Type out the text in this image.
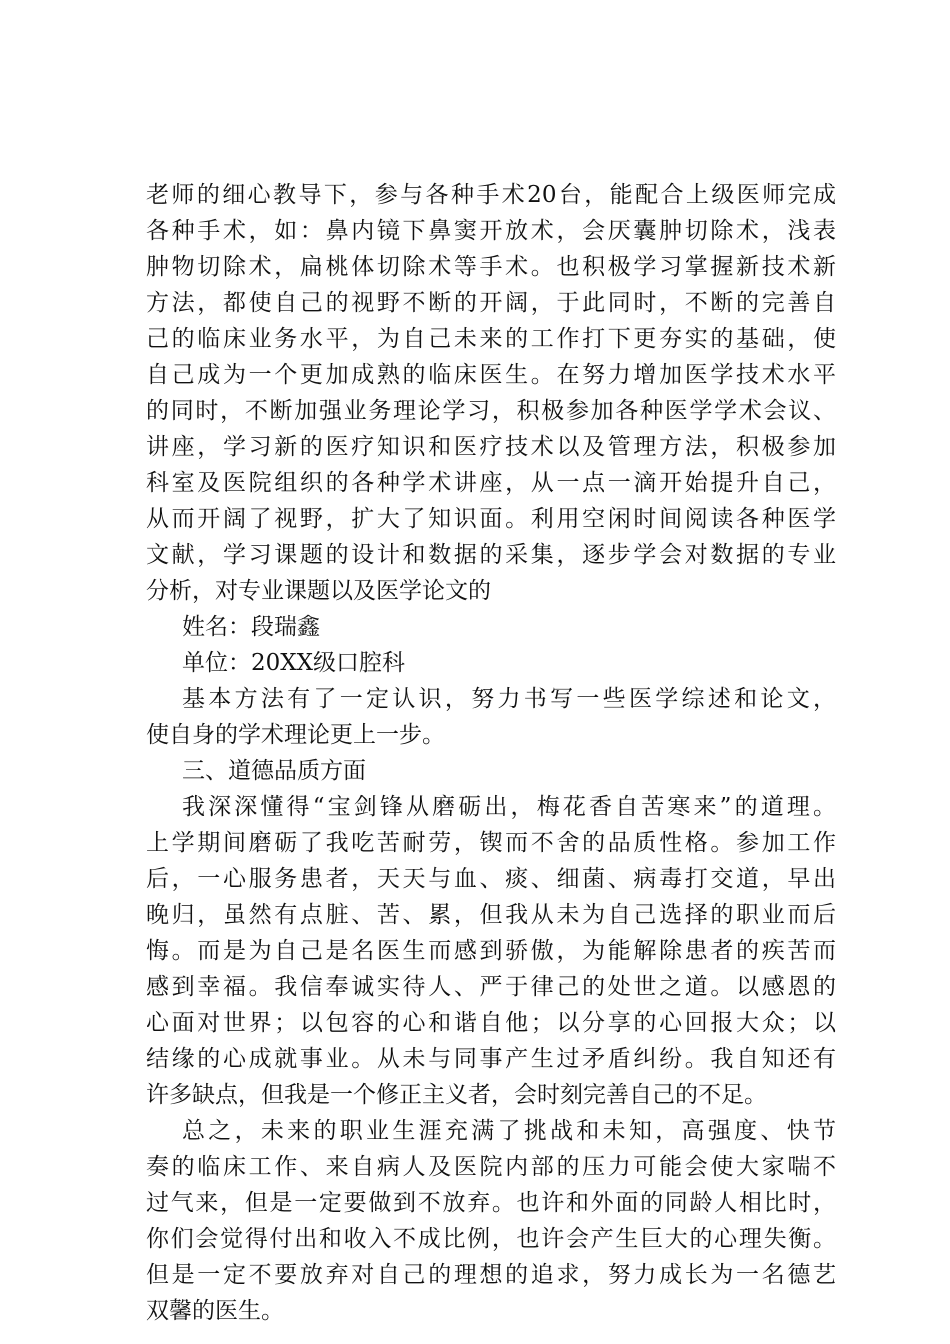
老师的细心教导下，参与各种手术20台，能配合上级医师完成
各种手术，如：鼻内镜下鼻窦开放术，会厌囊肿切除术，浅表
肿物切除术，扁桃体切除术等手术。也积极学习掌握新技术新
方法，都使自己的视野不断的开阔，于此同时，不断的完善自
己的临床业务水平，为自己未来的工作打下更夯实的基础，使
自己成为一个更加成熟的临床医生。在努力增加医学技术水平
的同时，不断加强业务理论学习，积极参加各种医学学术会议、
讲座，学习新的医疗知识和医疗技术以及管理方法，积极参加
科室及医院组织的各种学术讲座，从一点一滴开始提升自己，
从而开阔了视野，扩大了知识面。利用空闲时间阅读各种医学
文献，学习课题的设计和数据的采集，逐步学会对数据的专业
分析，对专业课题以及医学论文的
姓名：段瑞鑫
单位：20XX级口腔科
基本方法有了一定认识，努力书写一些医学综述和论文，
使自身的学术理论更上一步。
三、道德品质方面
我深深懂得“宝剑锋从磨砺出，梅花香自苦寒来”的道理。
上学期间磨砺了我吃苦耐劳，锲而不舍的品质性格。参加工作
后，一心服务患者，天天与血、痰、细菌、病毒打交道，早出
晚归，虽然有点脏、苦、累，但我从未为自己选择的职业而后
悔。而是为自己是名医生而感到骄傲，为能解除患者的疾苦而
感到幸福。我信奉诚实待人、严于律己的处世之道。以感恩的
心面对世界；以包容的心和谐自他；以分享的心回报大众；以
结缘的心成就事业。从未与同事产生过矛盾纠纷。我自知还有
许多缺点，但我是一个修正主义者，会时刻完善自己的不足。
总之，未来的职业生涯充满了挑战和未知，高强度、快节
奏的临床工作、来自病人及医院内部的压力可能会使大家喘不
过气来，但是一定要做到不放弃。也许和外面的同龄人相比时，
你们会觉得付出和收入不成比例，也许会产生巨大的心理失衡。
但是一定不要放弃对自己的理想的追求，努力成长为一名德艺
双馨的医生。
